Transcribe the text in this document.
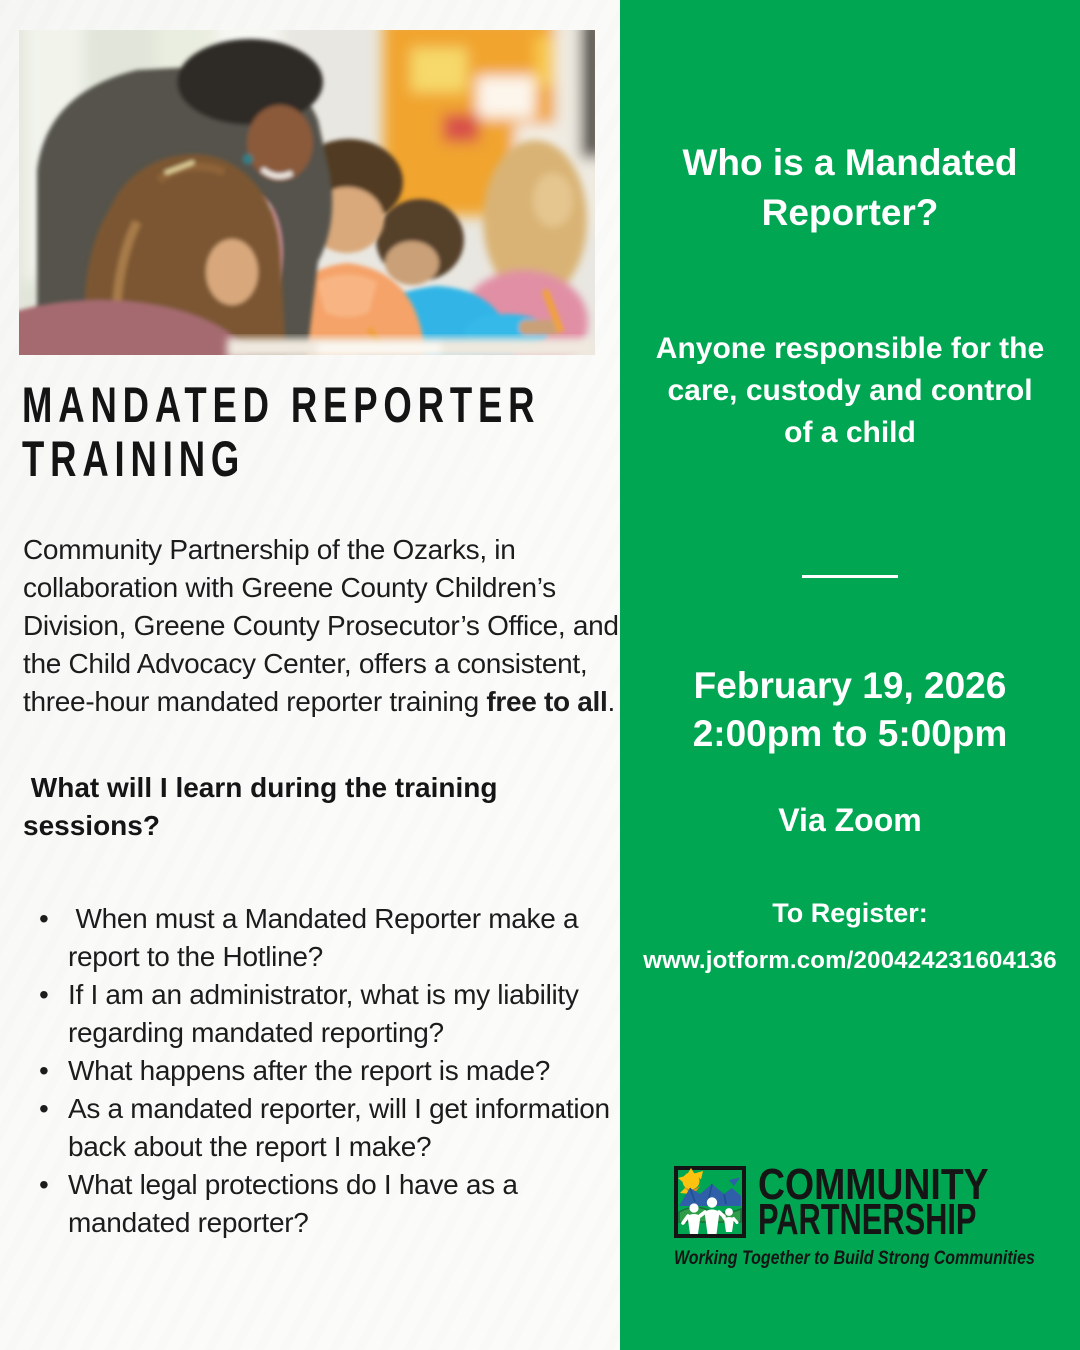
MANDATED REPORTER
TRAINING

Community Partnership of the Ozarks, in collaboration with Greene County Children’s Division, Greene County Prosecutor’s Office, and the Child Advocacy Center, offers a consistent, three-hour mandated reporter training free to all.

What will I learn during the training sessions?
•  When must a Mandated Reporter make a report to the Hotline?
• If I am an administrator, what is my liability regarding mandated reporting?
• What happens after the report is made?
• As a mandated reporter, will I get information back about the report I make?
• What legal protections do I have as a mandated reporter?
Who is a Mandated Reporter?
Anyone responsible for the care, custody and control of a child
February 19, 2026
2:00pm to 5:00pm
Via Zoom
To Register:
www.jotform.com/200424231604136
COMMUNITY
PARTNERSHIP
Working Together to Build Strong Communities
